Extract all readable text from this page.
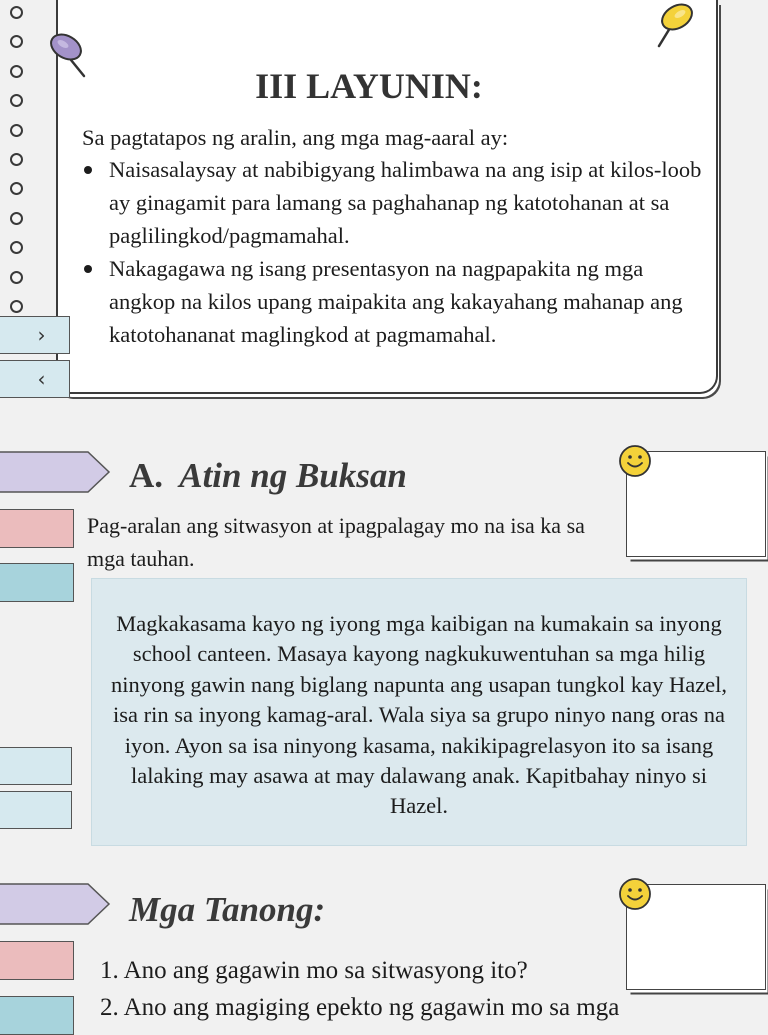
III LAYUNIN:

Sa pagtatapos ng aralin, ang mga mag-aaral ay:

Naisasalaysay at nabibigyang halimbawa na ang isip at kilos-loob ay ginagamit para lamang sa paghahanap ng katotohanan at sa paglilingkod/pagmamahal.
Nakagagawa ng isang presentasyon na nagpapakita ng mga angkop na kilos upang maipakita ang kakayahang mahanap ang katotohananat maglingkod at pagmamahal.
›
‹
A. Atin ng Buksan

Pag-aralan ang sitwasyon at ipagpalagay mo na isa ka sa mga tauhan.

Magkakasama kayo ng iyong mga kaibigan na kumakain sa inyong school canteen. Masaya kayong nagkukuwentuhan sa mga hilig ninyong gawin nang biglang napunta ang usapan tungkol kay Hazel, isa rin sa inyong kamag-aral. Wala siya sa grupo ninyo nang oras na iyon. Ayon sa isa ninyong kasama, nakikipagrelasyon ito sa isang lalaking may asawa at may dalawang anak. Kapitbahay ninyo si Hazel.

Mga Tanong:
1. Ano ang gagawin mo sa sitwasyong ito?
2. Ano ang magiging epekto ng gagawin mo sa mga
